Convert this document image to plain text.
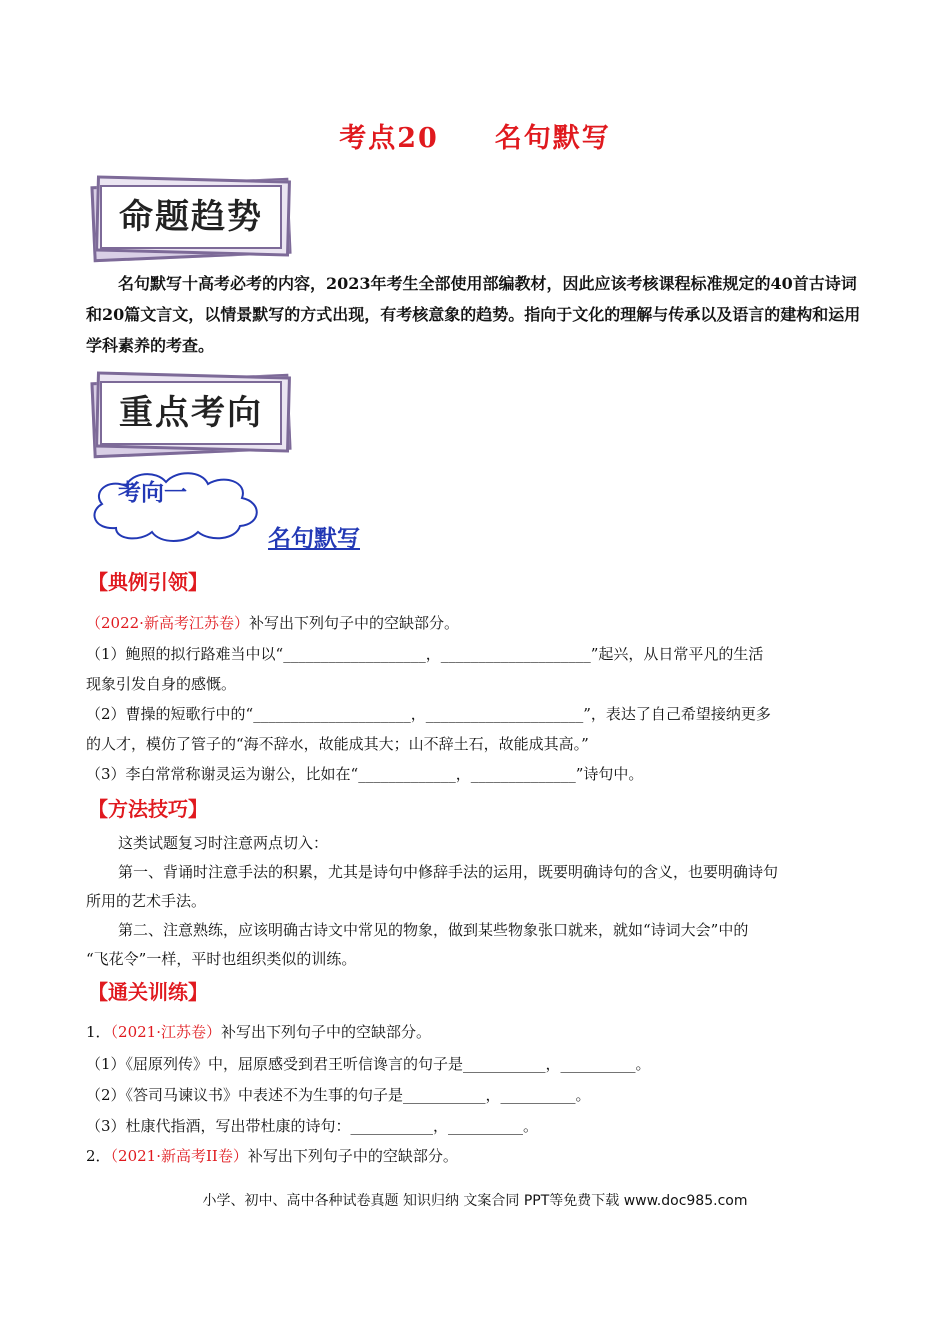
考点20 名句默写
命题趋势
名句默写十高考必考的内容，2023年考生全部使用部编教材，因此应该考核课程标准规定的40首古诗词和20篇文言文，以情景默写的方式出现，有考核意象的趋势。指向于文化的理解与传承以及语言的建构和运用学科素养的考查。
重点考向
考向一
名句默写
【典例引领】
（2022·新高考江苏卷）补写出下列句子中的空缺部分。
（1）鲍照的拟行路难当中以“___________________，____________________”起兴，从日常平凡的生活
现象引发自身的感慨。
（2）曹操的短歌行中的“_____________________，_____________________”，表达了自己希望接纳更多
的人才，模仿了管子的“海不辞水，故能成其大；山不辞土石，故能成其高。”
（3）李白常常称谢灵运为谢公，比如在“_____________，______________”诗句中。
【方法技巧】
这类试题复习时注意两点切入：
第一、背诵时注意手法的积累，尤其是诗句中修辞手法的运用，既要明确诗句的含义，也要明确诗句
所用的艺术手法。
第二、注意熟练，应该明确古诗文中常见的物象，做到某些物象张口就来，就如“诗词大会”中的
“飞花令”一样，平时也组织类似的训练。
【通关训练】
1．（2021·江苏卷）补写出下列句子中的空缺部分。
（1）《屈原列传》中，屈原感受到君王听信谗言的句子是___________，__________。
（2）《答司马谏议书》中表述不为生事的句子是___________，__________。
（3）杜康代指酒，写出带杜康的诗句：___________，__________。
2．（2021·新高考II卷）补写出下列句子中的空缺部分。
小学、初中、高中各种试卷真题 知识归纳 文案合同 PPT等免费下载 www.doc985.com
